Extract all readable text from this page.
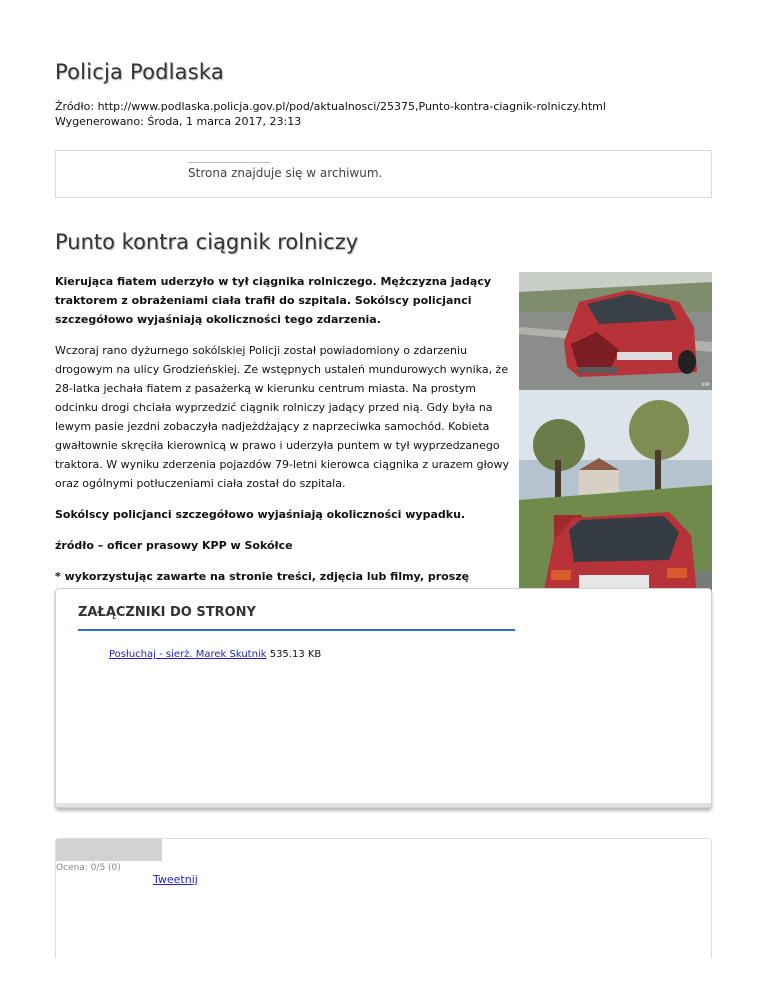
Policja Podlaska
Źródło: http://www.podlaska.policja.gov.pl/pod/aktualnosci/25375,Punto-kontra-ciagnik-rolniczy.html
Wygenerowano: Środa, 1 marca 2017, 23:13
Strona znajduje się w archiwum.
Punto kontra ciągnik rolniczy

Kierująca fiatem uderzyło w tył ciągnika rolniczego. Mężczyzna jadący traktorem z obrażeniami ciała trafił do szpitala. Sokólscy policjanci szczegółowo wyjaśniają okoliczności tego zdarzenia.

Wczoraj rano dyżurnego sokólskiej Policji został powiadomiony o zdarzeniu drogowym na ulicy Grodzieńskiej. Ze wstępnych ustaleń mundurowych wynika, że 28-latka jechała fiatem z pasażerką w kierunku centrum miasta. Na prostym odcinku drogi chciała wyprzedzić ciągnik rolniczy jadący przed nią. Gdy była na lewym pasie jezdni zobaczyła nadjeżdżający z naprzeciwka samochód. Kobieta gwałtownie skręciła kierownicą w prawo i uderzyła puntem w tył wyprzedzanego traktora. W wyniku zderzenia pojazdów 79-letni kierowca ciągnika z urazem głowy oraz ogólnymi potłuczeniami ciała został do szpitala.

Sokólscy policjanci szczegółowo wyjaśniają okoliczności wypadku.

źródło – oficer prasowy KPP w Sokółce

* wykorzystując zawarte na stronie treści, zdjęcia lub filmy, proszę

KPP
ZAŁĄCZNIKI DO STRONY
Posłuchaj - sierż. Marek Skutnik 535.13 KB
Ocena: 0/5 (0)
Tweetnij
